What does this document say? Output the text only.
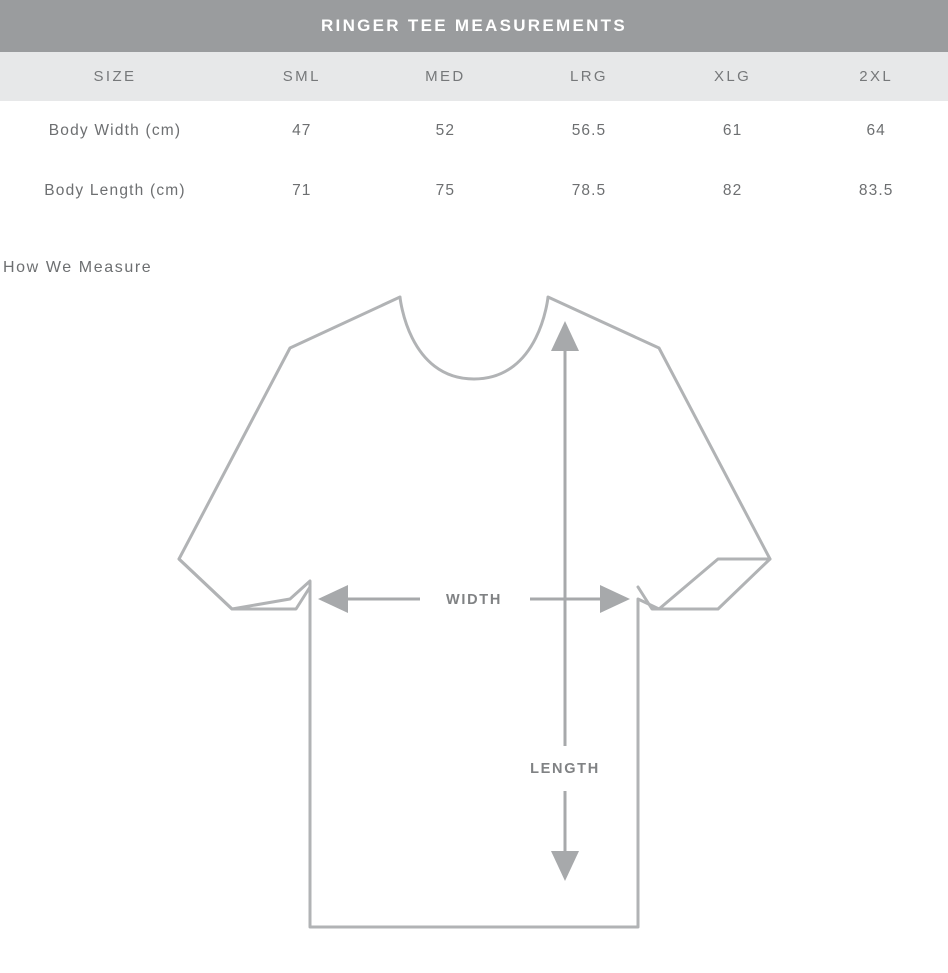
RINGER TEE MEASUREMENTS
SIZE	SML	MED	LRG	XLG	2XL
Body Width (cm)	47	52	56.5	61	64
Body Length (cm)	71	75	78.5	82	83.5
How We Measure
WIDTH
LENGTH
